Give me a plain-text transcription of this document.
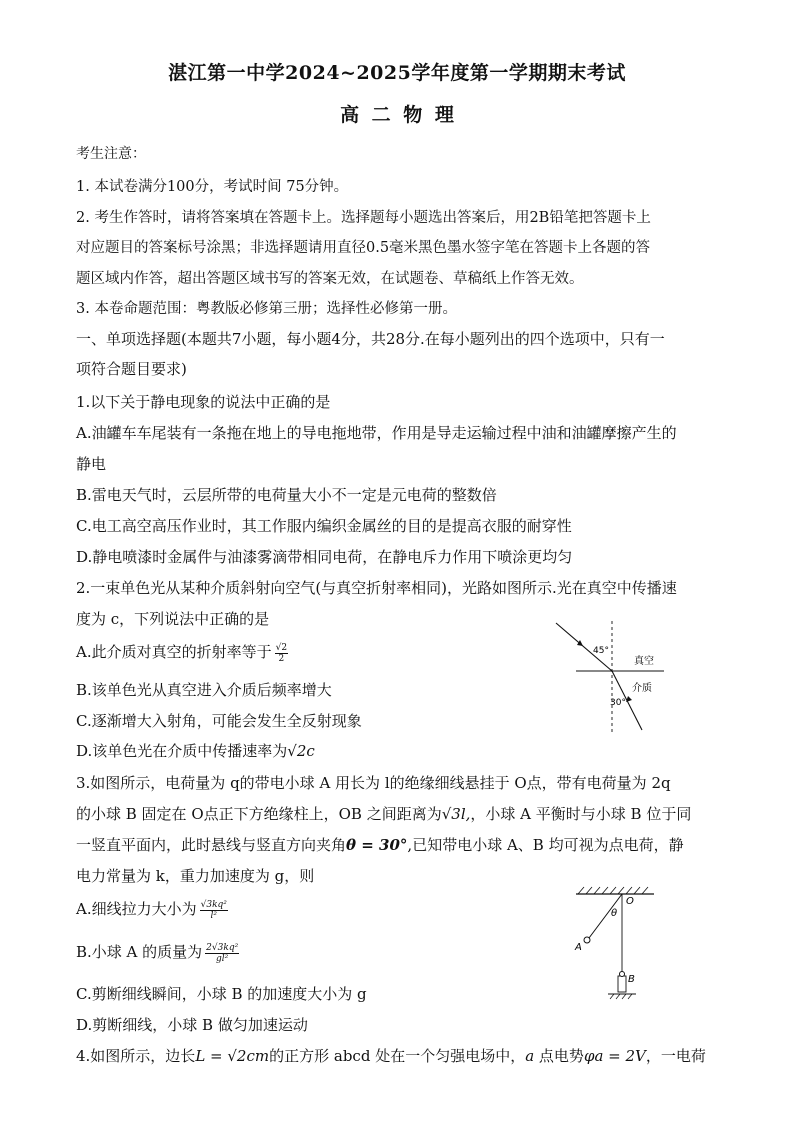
湛江第一中学2024~2025学年度第一学期期末考试
高 二 物 理
考生注意：
1. 本试卷满分100分，考试时间 75分钟。
2. 考生作答时，请将答案填在答题卡上。选择题每小题选出答案后，用2B铅笔把答题卡上
对应题目的答案标号涂黑；非选择题请用直径0.5毫米黑色墨水签字笔在答题卡上各题的答
题区域内作答，超出答题区域书写的答案无效，在试题卷、草稿纸上作答无效。
3. 本卷命题范围：粤教版必修第三册；选择性必修第一册。
一、单项选择题(本题共7小题，每小题4分，共28分.在每小题列出的四个选项中，只有一
项符合题目要求)
1.以下关于静电现象的说法中正确的是
A.油罐车车尾装有一条拖在地上的导电拖地带，作用是导走运输过程中油和油罐摩擦产生的
静电
B.雷电天气时，云层所带的电荷量大小不一定是元电荷的整数倍
C.电工高空高压作业时，其工作服内编织金属丝的目的是提高衣服的耐穿性
D.静电喷漆时金属件与油漆雾滴带相同电荷，在静电斥力作用下喷涂更均匀
2.一束单色光从某种介质斜射向空气(与真空折射率相同)，光路如图所示.光在真空中传播速
度为 c，下列说法中正确的是
A.此介质对真空的折射率等于 $\frac{√2}{2}$
B.该单色光从真空进入介质后频率增大
C.逐渐增大入射角，可能会发生全反射现象
D.该单色光在介质中传播速率为√2c
45°
真空
介质
30°
3.如图所示，电荷量为 q的带电小球 A 用长为 l的绝缘细线悬挂于 O点，带有电荷量为 2q
的小球 B 固定在 O点正下方绝缘柱上，OB 之间距离为√3l,，小球 A 平衡时与小球 B 位于同
一竖直平面内，此时悬线与竖直方向夹角θ = 30°,已知带电小球 A、B 均可视为点电荷，静
电力常量为 k，重力加速度为 g，则
A.细线拉力大小为 $\frac{\text{√3kq²}}{\text{l²}}$
B.小球 A 的质量为 $\frac{\text{2√3kq²}}{\text{gl²}}$
C.剪断细线瞬间，小球 B 的加速度大小为 g
D.剪断细线，小球 B 做匀加速运动
O
θ
A
B
4.如图所示，边长L = √2cm的正方形 abcd 处在一个匀强电场中，a 点电势φa = 2V，一电荷
